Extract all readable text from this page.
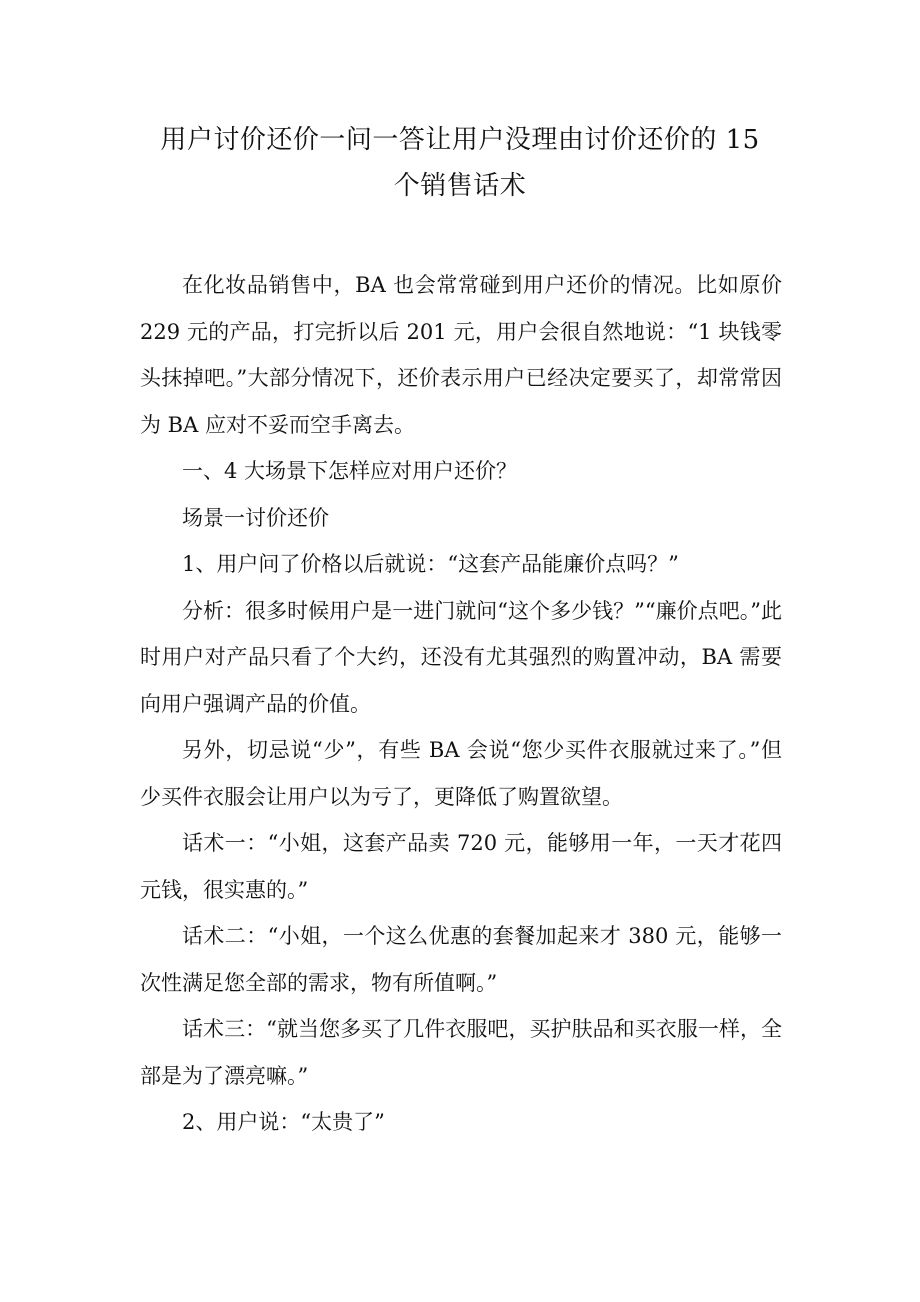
用户讨价还价一问一答让用户没理由讨价还价的 15
个销售话术

在化妆品销售中，BA 也会常常碰到用户还价的情况。比如原价 229 元的产品，打完折以后 201 元，用户会很自然地说：“1 块钱零头抹掉吧。”大部分情况下，还价表示用户已经决定要买了，却常常因为 BA 应对不妥而空手离去。

一、4 大场景下怎样应对用户还价？

场景一讨价还价

1、用户问了价格以后就说：“这套产品能廉价点吗？”

分析：很多时候用户是一进门就问“这个多少钱？”“廉价点吧。”此时用户对产品只看了个大约，还没有尤其强烈的购置冲动，BA 需要向用户强调产品的价值。

另外，切忌说“少”，有些 BA 会说“您少买件衣服就过来了。”但少买件衣服会让用户以为亏了，更降低了购置欲望。

话术一：“小姐，这套产品卖 720 元，能够用一年，一天才花四元钱，很实惠的。”

话术二：“小姐，一个这么优惠的套餐加起来才 380 元，能够一次性满足您全部的需求，物有所值啊。”

话术三：“就当您多买了几件衣服吧，买护肤品和买衣服一样，全部是为了漂亮嘛。”

2、用户说：“太贵了”
